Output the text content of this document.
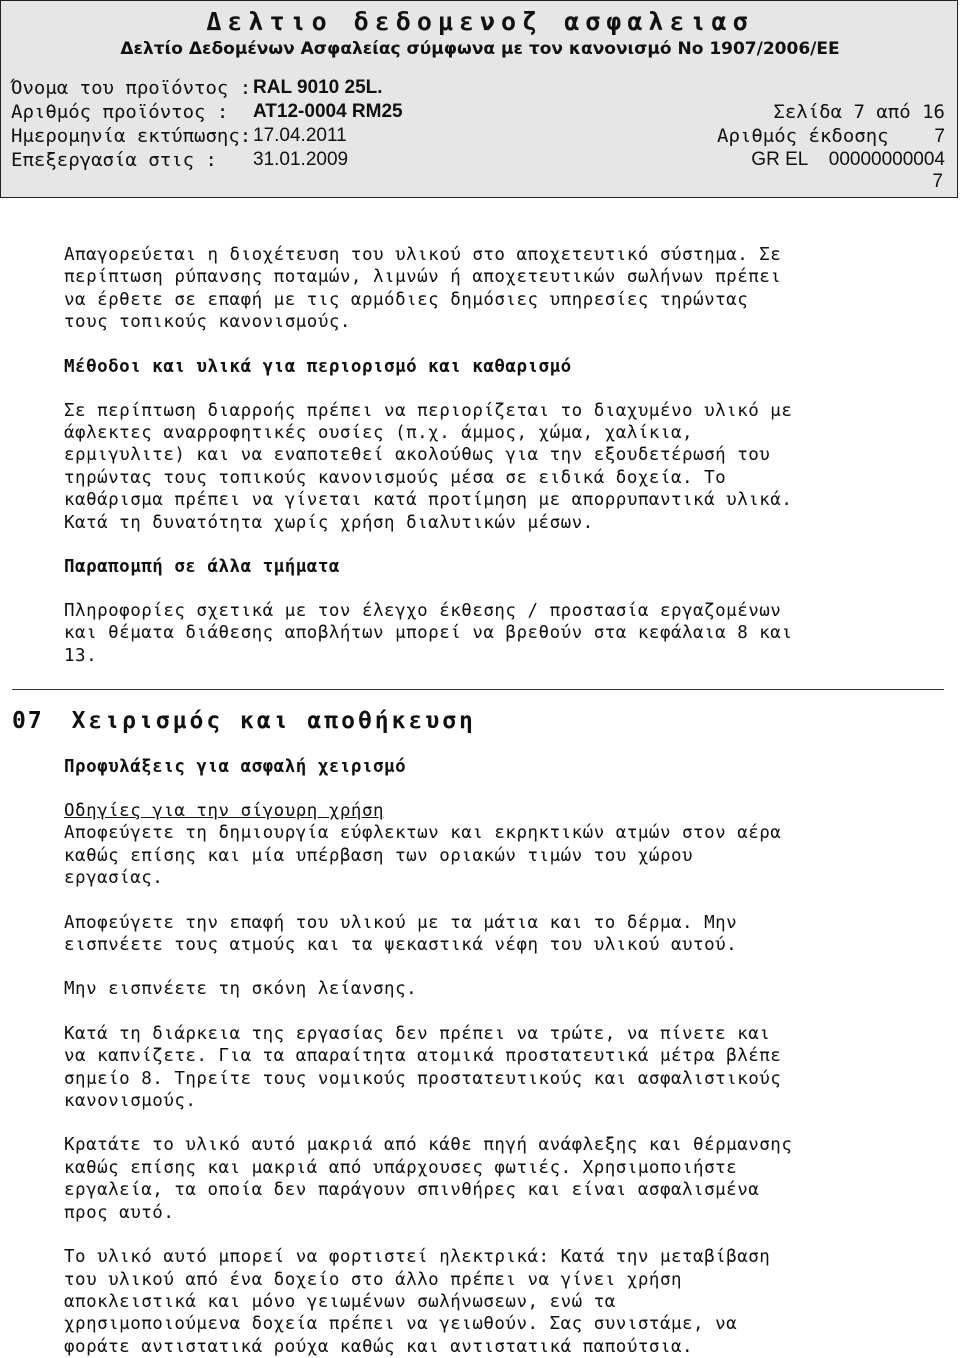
Δελτιο δεδομενοζ ασφαλειασ
Δελτίο Δεδομένων Ασφαλείας σύμφωνα με τον κανονισμό Νο 1907/2006/ΕΕ
Όνομα του προϊόντος : RAL 9010 25L.
Αριθμός προϊόντος : AT12-0004 RM25	Σελίδα 7 από 16
Ημερομηνία εκτύπωσης: 17.04.2011	Αριθμός έκδοσης 7
Επεξεργασία στις : 31.01.2009	GR EL 00000000004
7

Απαγορεύεται η διοχέτευση του υλικού στο αποχετευτικό σύστημα. Σε
περίπτωση ρύπανσης ποταμών, λιμνών ή αποχετευτικών σωλήνων πρέπει
να έρθετε σε επαφή με τις αρμόδιες δημόσιες υπηρεσίες τηρώντας
τους τοπικούς κανονισμούς.

Μέθοδοι και υλικά για περιορισμό και καθαρισμό

Σε περίπτωση διαρροής πρέπει να περιορίζεται το διαχυμένο υλικό με
άφλεκτες αναρροφητικές ουσίες (π.χ. άμμος, χώμα, χαλίκια,
ερμιγυλιτε) και να εναποτεθεί ακολούθως για την εξουδετέρωσή του
τηρώντας τους τοπικούς κανονισμούς μέσα σε ειδικά δοχεία. Το
καθάρισμα πρέπει να γίνεται κατά προτίμηση με απορρυπαντικά υλικά.
Κατά τη δυνατότητα χωρίς χρήση διαλυτικών μέσων.

Παραπομπή σε άλλα τμήματα

Πληροφορίες σχετικά με τον έλεγχο έκθεσης / προστασία εργαζομένων
και θέματα διάθεσης αποβλήτων μπορεί να βρεθούν στα κεφάλαια 8 και
13.

07 Χειρισμός και αποθήκευση

Προφυλάξεις για ασφαλή χειρισμό

Οδηγίες για την σίγουρη χρήση

Αποφεύγετε τη δημιουργία εύφλεκτων και εκρηκτικών ατμών στον αέρα
καθώς επίσης και μία υπέρβαση των οριακών τιμών του χώρου
εργασίας.

Αποφεύγετε την επαφή του υλικού με τα μάτια και το δέρμα. Μην
εισπνέετε τους ατμούς και τα ψεκαστικά νέφη του υλικού αυτού.

Μην εισπνέετε τη σκόνη λείανσης.

Κατά τη διάρκεια της εργασίας δεν πρέπει να τρώτε, να πίνετε και
να καπνίζετε. Για τα απαραίτητα ατομικά προστατευτικά μέτρα βλέπε
σημείο 8. Τηρείτε τους νομικούς προστατευτικούς και ασφαλιστικούς
κανονισμούς.

Κρατάτε το υλικό αυτό μακριά από κάθε πηγή ανάφλεξης και θέρμανσης
καθώς επίσης και μακριά από υπάρχουσες φωτιές. Χρησιμοποιήστε
εργαλεία, τα οποία δεν παράγουν σπινθήρες και είναι ασφαλισμένα
προς αυτό.

Το υλικό αυτό μπορεί να φορτιστεί ηλεκτρικά: Κατά την μεταβίβαση
του υλικού από ένα δοχείο στο άλλο πρέπει να γίνει χρήση
αποκλειστικά και μόνο γειωμένων σωλήνωσεων, ενώ τα
χρησιμοποιούμενα δοχεία πρέπει να γειωθούν. Σας συνιστάμε, να
φοράτε αντιστατικά ρούχα καθώς και αντιστατικά παπούτσια.
